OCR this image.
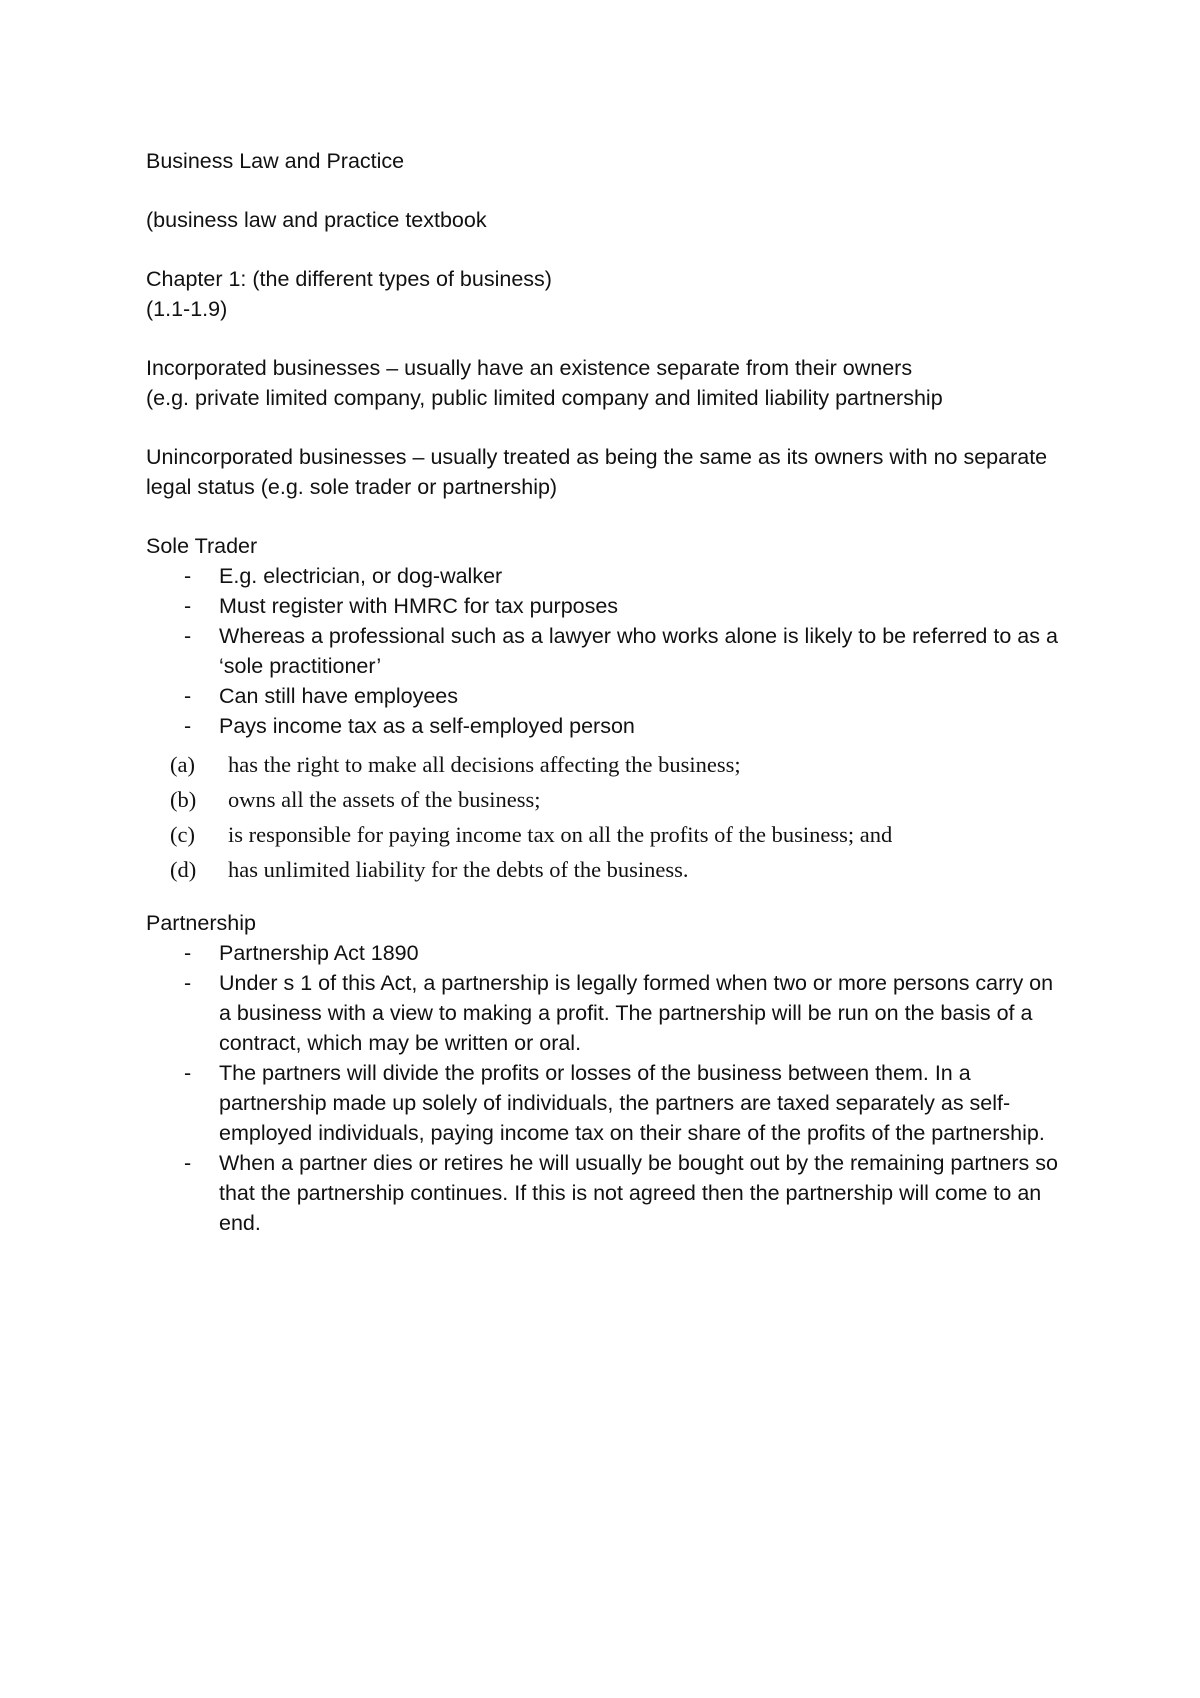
Business Law and Practice

(business law and practice textbook

Chapter 1: (the different types of business)

(1.1-1.9)

Incorporated businesses – usually have an existence separate from their owners

(e.g. private limited company, public limited company and limited liability partnership

Unincorporated businesses – usually treated as being the same as its owners with no separate legal status (e.g. sole trader or partnership)

Sole Trader

- E.g. electrician, or dog-walker
- Must register with HMRC for tax purposes
- Whereas a professional such as a lawyer who works alone is likely to be referred to as a ‘sole practitioner’
- Can still have employees
- Pays income tax as a self-employed person
(a) has the right to make all decisions affecting the business;
(b) owns all the assets of the business;
(c) is responsible for paying income tax on all the profits of the business; and
(d) has unlimited liability for the debts of the business.

Partnership

- Partnership Act 1890
- Under s 1 of this Act, a partnership is legally formed when two or more persons carry on a business with a view to making a profit. The partnership will be run on the basis of a contract, which may be written or oral.
- The partners will divide the profits or losses of the business between them. In a partnership made up solely of individuals, the partners are taxed separately as self-employed individuals, paying income tax on their share of the profits of the partnership.
- When a partner dies or retires he will usually be bought out by the remaining partners so that the partnership continues. If this is not agreed then the partnership will come to an end.
